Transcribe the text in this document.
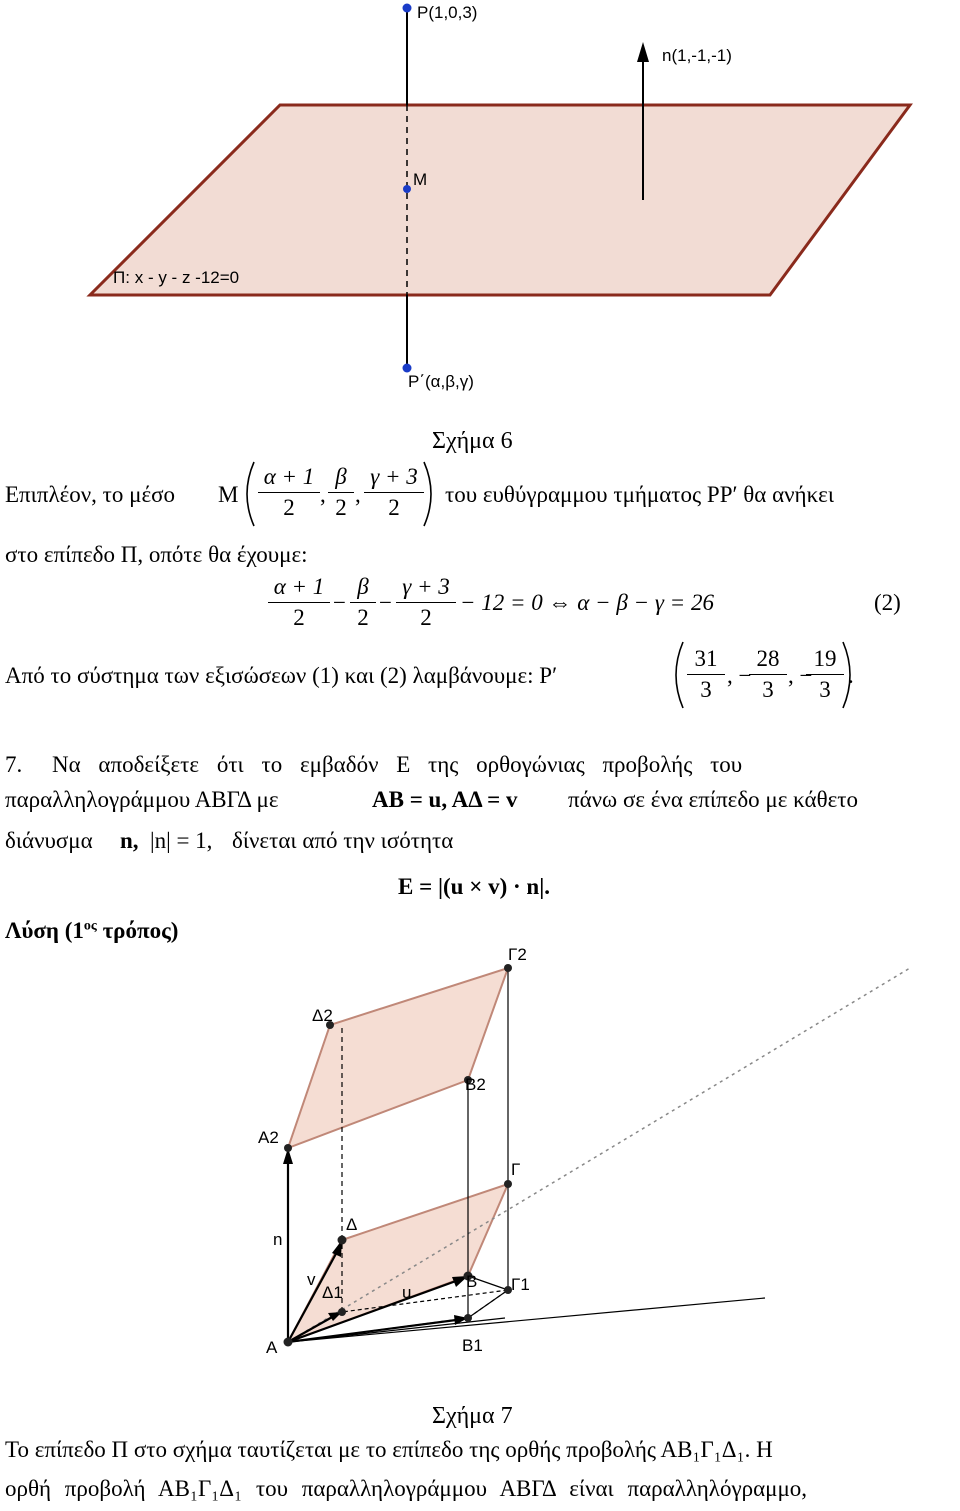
P(1,0,3)
n(1,-1,-1)
M
Π: x - y - z -12=0
P΄(α,β,γ)
Σχήμα 6
Επιπλέον, το μέσο M $\frac{\alpha + 1}{2}$ , $\frac{\beta}{2}$ , $\frac{\gamma + 3}{2}$ του ευθύγραμμου τμήματος PP′ θα ανήκει
στο επίπεδο Π, οπότε θα έχουμε:
$\frac{\alpha + 1}{2} - \frac{\beta}{2} - \frac{\gamma + 3}{2} - 12 = 0$ ⇔ α − β − γ = 26	(2)
Από το σύστημα των εξισώσεων (1) και (2) λαμβάνουμε: P′	$\frac{31}{3}$ , −
$\frac{28}{3}$ , −
$\frac{19}{3}$ .
7. Να αποδείξετε ότι το εμβαδόν Ε της ορθογώνιας προβολής του
παραλληλογράμμου ΑΒΓΔ με	AB = u, AΔ = v πάνω σε ένα επίπεδο με κάθετο
διάνυσμα n, |n| = 1, δίνεται από την ισότητα
E = |(u × v) · n|.
Λύση ($1^{o\varsigma}$ τρόπος)
Γ2
Δ2
B2
A2
Γ
Δ
n
v
Δ1	u
B Γ1
A	B1
Σχήμα 7
Το επίπεδο Π στο σχήμα ταυτίζεται με το επίπεδο της ορθής προβολής ΑΒ₁Γ₁Δ₁. Η
ορθή προβολή ΑΒ₁Γ₁Δ₁ του παραλληλογράμμου ΑΒΓΔ είναι παραλληλόγραμμο,
